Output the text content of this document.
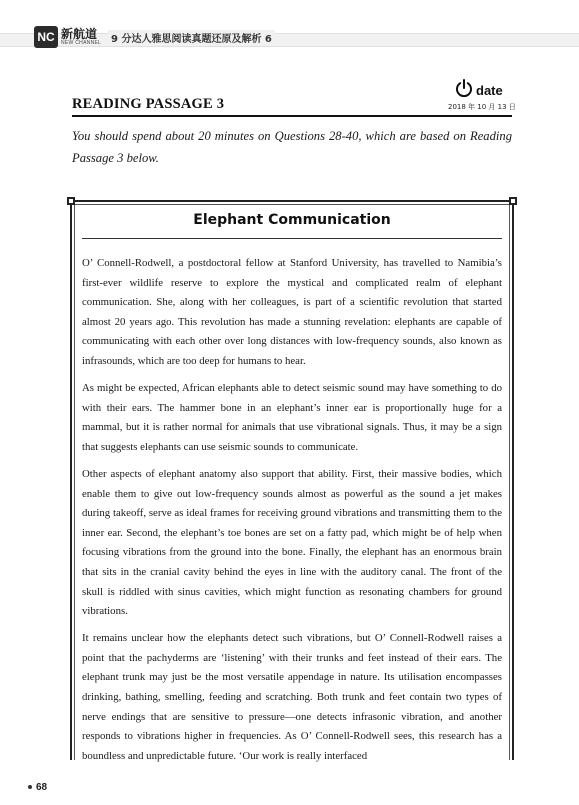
NC 新航道
NEW CHANNEL 9 分达人雅思阅读真题还原及解析 6
date
2018 年 10 月 13 日
READING PASSAGE 3
You should spend about 20 minutes on Questions 28-40, which are based on Reading Passage 3 below.
Elephant Communication

O’ Connell-Rodwell, a postdoctoral fellow at Stanford University, has travelled to Namibia’s first-ever wildlife reserve to explore the mystical and complicated realm of elephant communication. She, along with her colleagues, is part of a scientific revolution that started almost 20 years ago. This revolution has made a stunning revelation: elephants are capable of communicating with each other over long distances with low-frequency sounds, also known as infrasounds, which are too deep for humans to hear.

As might be expected, African elephants able to detect seismic sound may have something to do with their ears. The hammer bone in an elephant’s inner ear is proportionally huge for a mammal, but it is rather normal for animals that use vibrational signals. Thus, it may be a sign that suggests elephants can use seismic sounds to communicate.

Other aspects of elephant anatomy also support that ability. First, their massive bodies, which enable them to give out low-frequency sounds almost as powerful as the sound a jet makes during takeoff, serve as ideal frames for receiving ground vibrations and transmitting them to the inner ear. Second, the elephant’s toe bones are set on a fatty pad, which might be of help when focusing vibrations from the ground into the bone. Finally, the elephant has an enormous brain that sits in the cranial cavity behind the eyes in line with the auditory canal. The front of the skull is riddled with sinus cavities, which might function as resonating chambers for ground vibrations.

It remains unclear how the elephants detect such vibrations, but O’ Connell-Rodwell raises a point that the pachyderms are ‘listening’ with their trunks and feet instead of their ears. The elephant trunk may just be the most versatile appendage in nature. Its utilisation encompasses drinking, bathing, smelling, feeding and scratching. Both trunk and feet contain two types of nerve endings that are sensitive to pressure—one detects infrasonic vibration, and another responds to vibrations higher in frequencies. As O’ Connell-Rodwell sees, this research has a boundless and unpredictable future. ‘Our work is really interfaced

68
